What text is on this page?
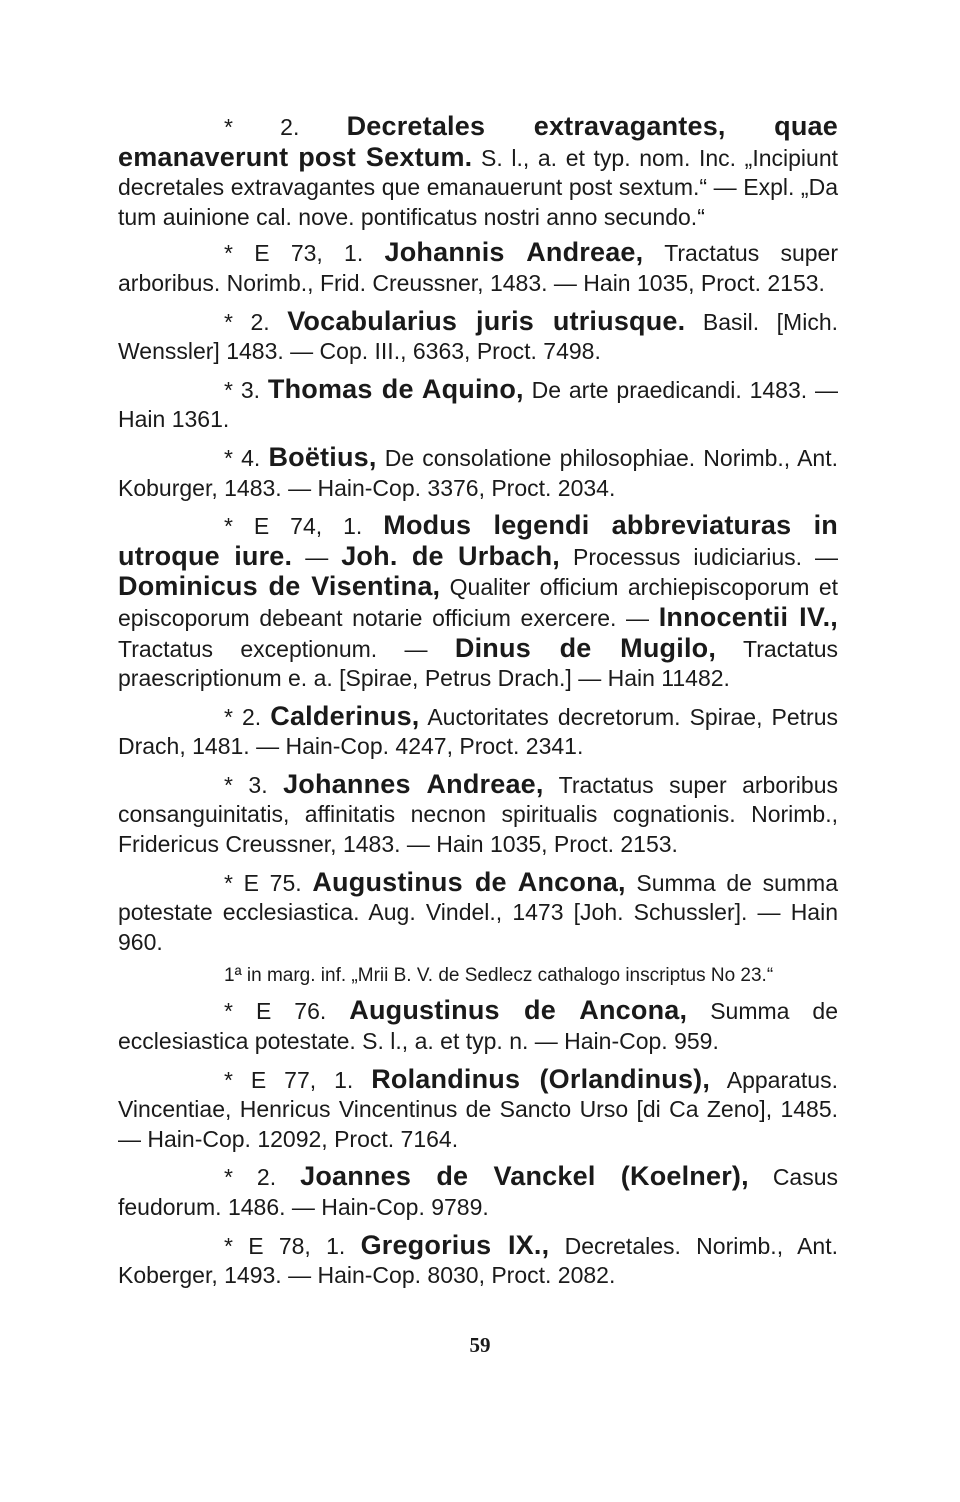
* 2. Decretales extravagantes, quae emanaverunt post Sextum. S. l., a. et typ. nom. Inc. „Incipiunt decretales extravagantes que emanauerunt post sextum.“ — Expl. „Da tum auinione cal. nove. pontificatus nostri anno secundo.“

* E 73, 1. Johannis Andreae, Tractatus super arboribus. Norimb., Frid. Creussner, 1483. — Hain 1035, Proct. 2153.

* 2. Vocabularius juris utriusque. Basil. [Mich. Wenssler] 1483. — Cop. III., 6363, Proct. 7498.

* 3. Thomas de Aquino, De arte praedicandi. 1483. — Hain 1361.

* 4. Boëtius, De consolatione philosophiae. Norimb., Ant. Koburger, 1483. — Hain-Cop. 3376, Proct. 2034.

* E 74, 1. Modus legendi abbreviaturas in utroque iure. — Joh. de Urbach, Processus iudiciarius. — Dominicus de Visentina, Qualiter officium archiepiscoporum et episcoporum debeant notarie officium exercere. — Innocentii IV., Tractatus exceptionum. — Dinus de Mugilo, Tractatus praescriptionum e. a. [Spirae, Petrus Drach.] — Hain 11482.

* 2. Calderinus, Auctoritates decretorum. Spirae, Petrus Drach, 1481. — Hain-Cop. 4247, Proct. 2341.

* 3. Johannes Andreae, Tractatus super arboribus consanguinitatis, affinitatis necnon spiritualis cognationis. Norimb., Fridericus Creussner, 1483. — Hain 1035, Proct. 2153.

* E 75. Augustinus de Ancona, Summa de summa potestate ecclesiastica. Aug. Vindel., 1473 [Joh. Schussler]. — Hain 960.

1ª in marg. inf. „Mrii B. V. de Sedlecz cathalogo inscriptus No 23.“

* E 76. Augustinus de Ancona, Summa de ecclesiastica potestate. S. l., a. et typ. n. — Hain-Cop. 959.

* E 77, 1. Rolandinus (Orlandinus), Apparatus. Vincentiae, Henricus Vincentinus de Sancto Urso [di Ca Zeno], 1485. — Hain-Cop. 12092, Proct. 7164.

* 2. Joannes de Vanckel (Koelner), Casus feudorum. 1486. — Hain-Cop. 9789.

* E 78, 1. Gregorius IX., Decretales. Norimb., Ant. Koberger, 1493. — Hain-Cop. 8030, Proct. 2082.

59
